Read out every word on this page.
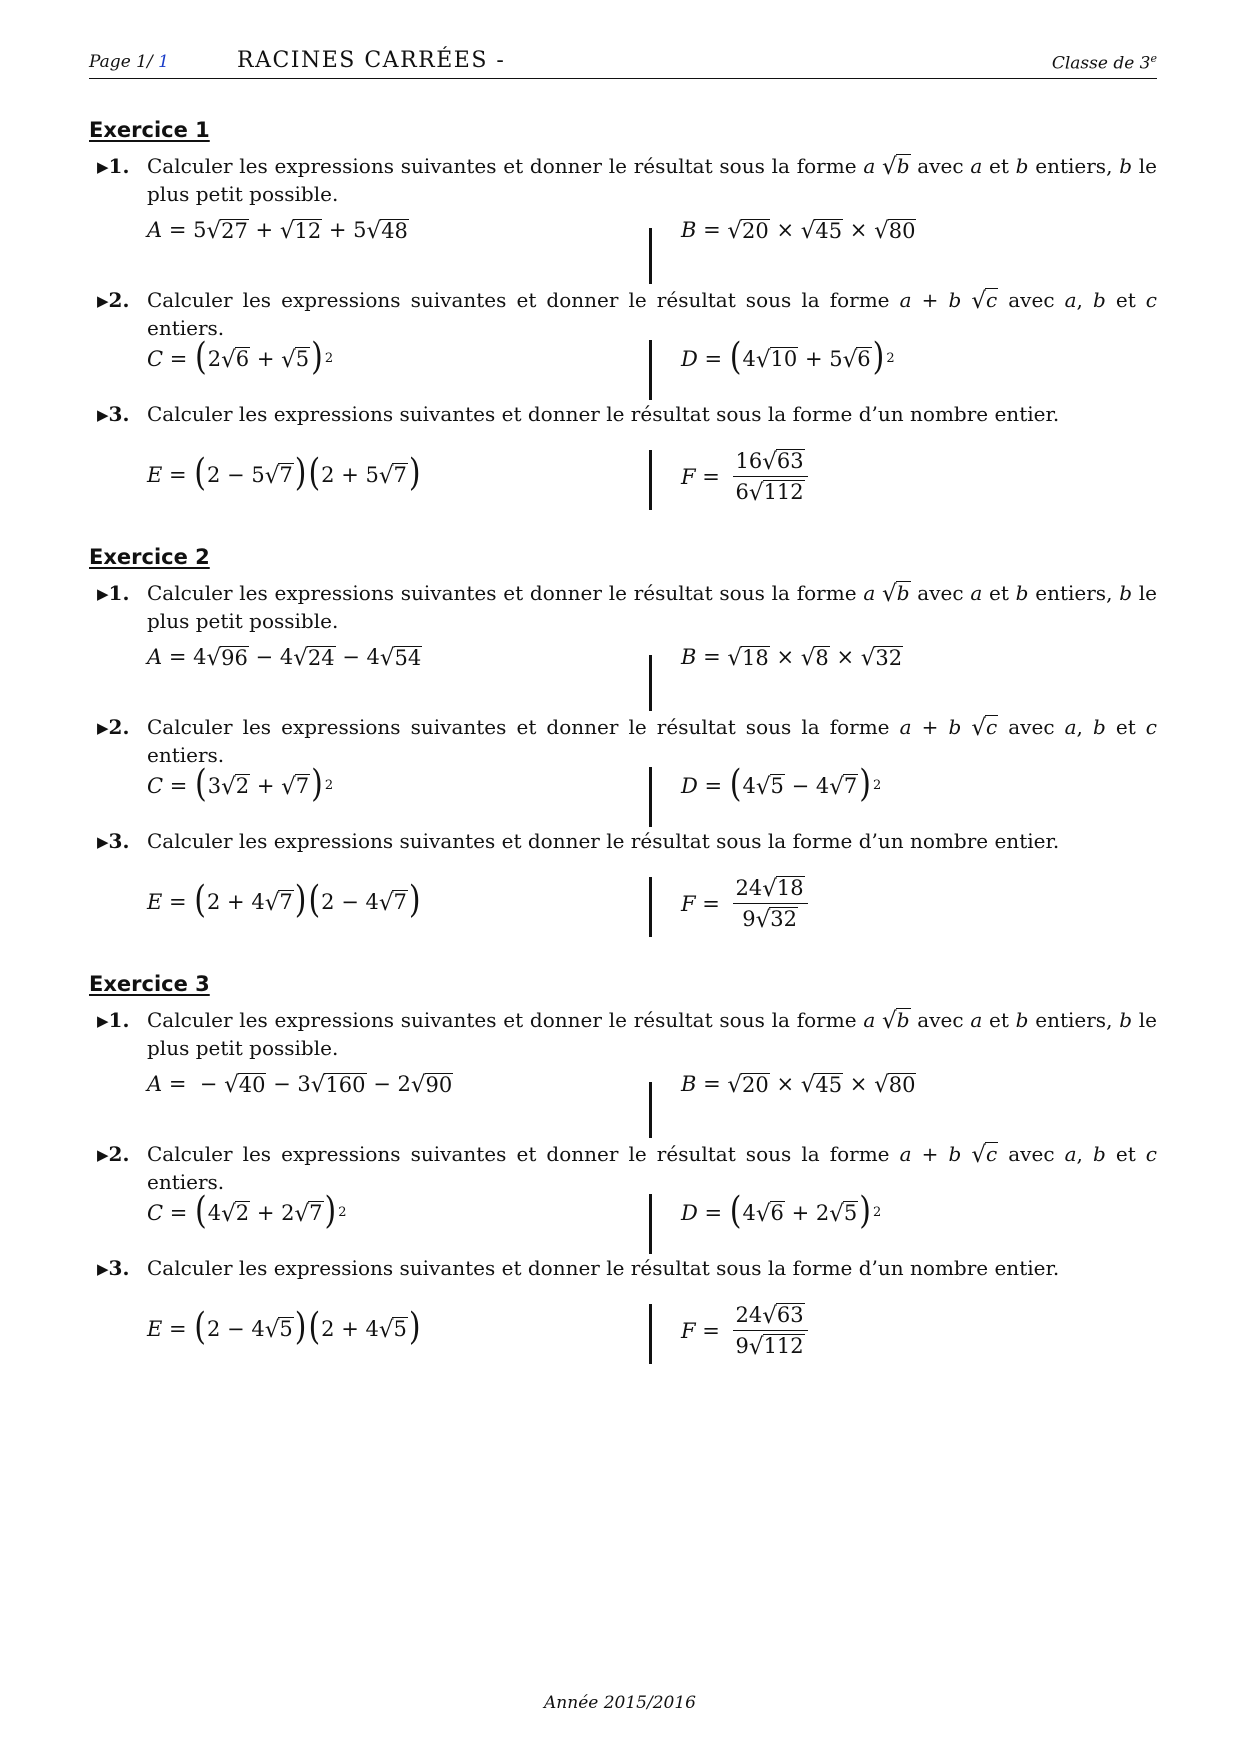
Page 1/ 1	RACINES CARRÉES -	Classe de 3e
Exercice 1
▶1. Calculer les expressions suivantes et donner le résultat sous la forme a √b avec a et b entiers, b le plus petit possible.
A = 5 √ 27 + √ 12 + 5 √ 48	B = √ 20 × √ 45 × √ 80
▶2. Calculer les expressions suivantes et donner le résultat sous la forme a + b √c avec a, b et c entiers.
C = ( 2 √ 6 + √ 5 ) 2	D = ( 4 √ 10 + 5 √ 6 ) 2
▶3. Calculer les expressions suivantes et donner le résultat sous la forme d’un nombre entier.
E = ( 2 − 5 √ 7 ) ( 2 + 5 √ 7 )	$F = \frac{16√63}{6√112}$
Exercice 2
▶1. Calculer les expressions suivantes et donner le résultat sous la forme a √b avec a et b entiers, b le plus petit possible.
A = 4 √ 96 − 4 √ 24 − 4 √ 54	B = √ 18 × √ 8 × √ 32
▶2. Calculer les expressions suivantes et donner le résultat sous la forme a + b √c avec a, b et c entiers.
C = ( 3 √ 2 + √ 7 ) 2	D = ( 4 √ 5 − 4 √ 7 ) 2
▶3. Calculer les expressions suivantes et donner le résultat sous la forme d’un nombre entier.
E = ( 2 + 4 √ 7 ) ( 2 − 4 √ 7 )	$F = \frac{24√18}{9√32}$
Exercice 3
▶1. Calculer les expressions suivantes et donner le résultat sous la forme a √b avec a et b entiers, b le plus petit possible.
A =  − √ 40 − 3 √ 160 − 2 √ 90	B = √ 20 × √ 45 × √ 80
▶2. Calculer les expressions suivantes et donner le résultat sous la forme a + b √c avec a, b et c entiers.
C = ( 4 √ 2 + 2 √ 7 ) 2	D = ( 4 √ 6 + 2 √ 5 ) 2
▶3. Calculer les expressions suivantes et donner le résultat sous la forme d’un nombre entier.
E = ( 2 − 4 √ 5 ) ( 2 + 4 √ 5 )	$F = \frac{24√63}{9√112}$
Année 2015/2016
